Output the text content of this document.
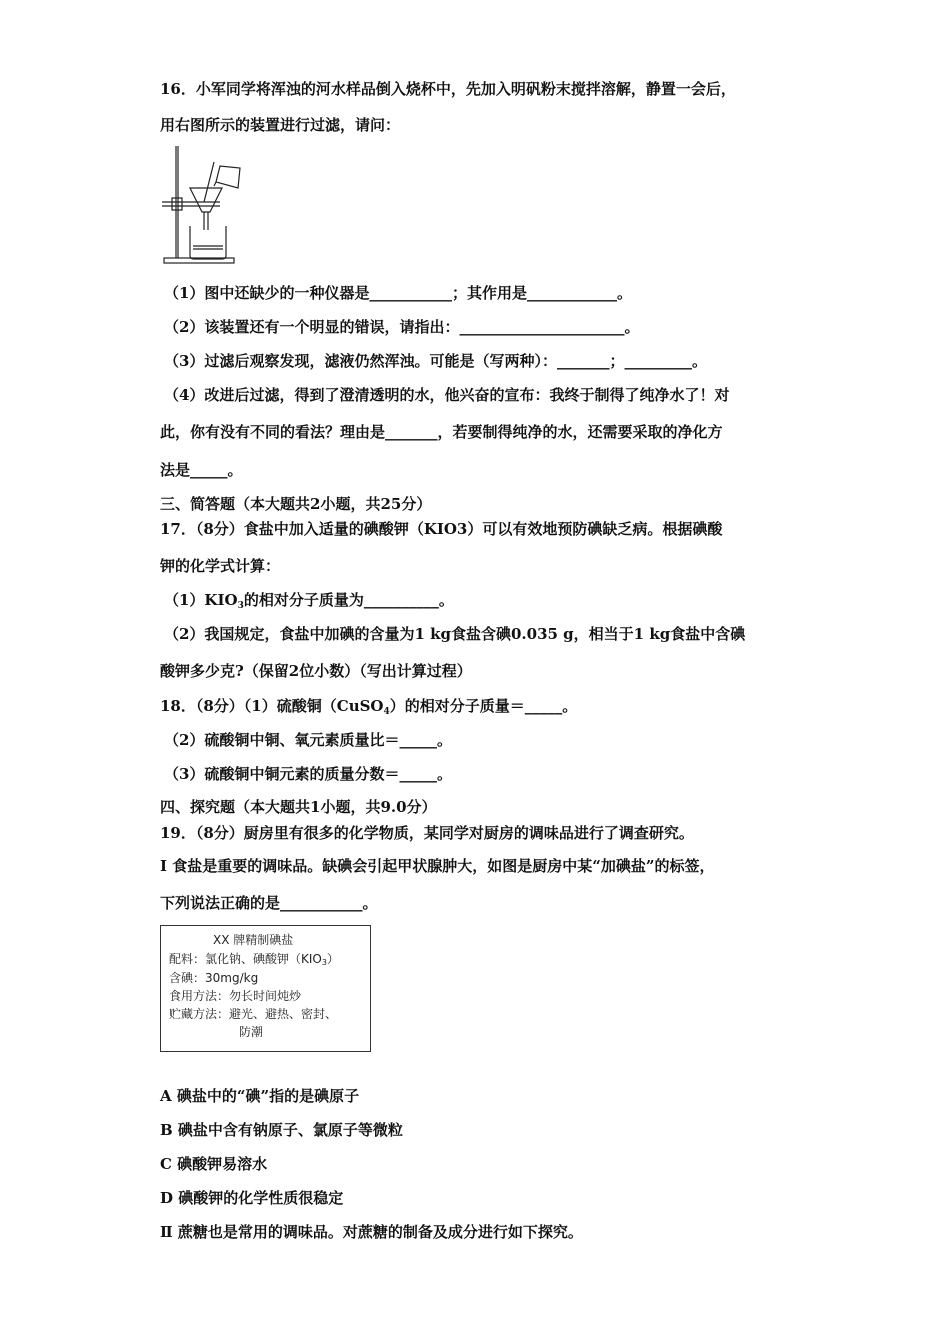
16．小军同学将浑浊的河水样品倒入烧杯中，先加入明矾粉末搅拌溶解，静置一会后，
用右图所示的装置进行过滤，请问：
（1）图中还缺少的一种仪器是___________；其作用是____________。
（2）该装置还有一个明显的错误，请指出：______________________。
（3）过滤后观察发现，滤液仍然浑浊。可能是（写两种）：_______；_________。
（4）改进后过滤，得到了澄清透明的水，他兴奋的宣布：我终于制得了纯净水了！对
此，你有没有不同的看法？理由是_______，若要制得纯净的水，还需要采取的净化方
法是_____。
三、简答题（本大题共2小题，共25分）
17．（8分）食盐中加入适量的碘酸钾（KIO3）可以有效地预防碘缺乏病。根据碘酸
钾的化学式计算：
$(1)KIO_3$的相对分子质量为__________。
（2）我国规定，食盐中加碘的含量为1 kg食盐含碘0.035 g，相当于1 kg食盐中含碘
酸钾多少克?（保留2位小数）（写出计算过程）
18．（8分）（1）硫酸铜（CuSO$_4$）的相对分子质量＝_____。
（2）硫酸铜中铜、氧元素质量比＝_____。
（3）硫酸铜中铜元素的质量分数＝_____。
四、探究题（本大题共1小题，共9.0分）
19．（8分）厨房里有很多的化学物质，某同学对厨房的调味品进行了调查研究。
Ⅰ 食盐是重要的调味品。缺碘会引起甲状腺肿大，如图是厨房中某“加碘盐”的标签，
下列说法正确的是___________。
XX 牌精制碘盐
配料：氯化钠、碘酸钾（KIO3）
含碘：30mg/kg
食用方法：勿长时间炖炒
贮藏方法：避光、避热、密封、
防潮
A 碘盐中的“碘”指的是碘原子
B 碘盐中含有钠原子、氯原子等微粒
C 碘酸钾易溶水
D 碘酸钾的化学性质很稳定
Ⅱ 蔗糖也是常用的调味品。对蔗糖的制备及成分进行如下探究。
